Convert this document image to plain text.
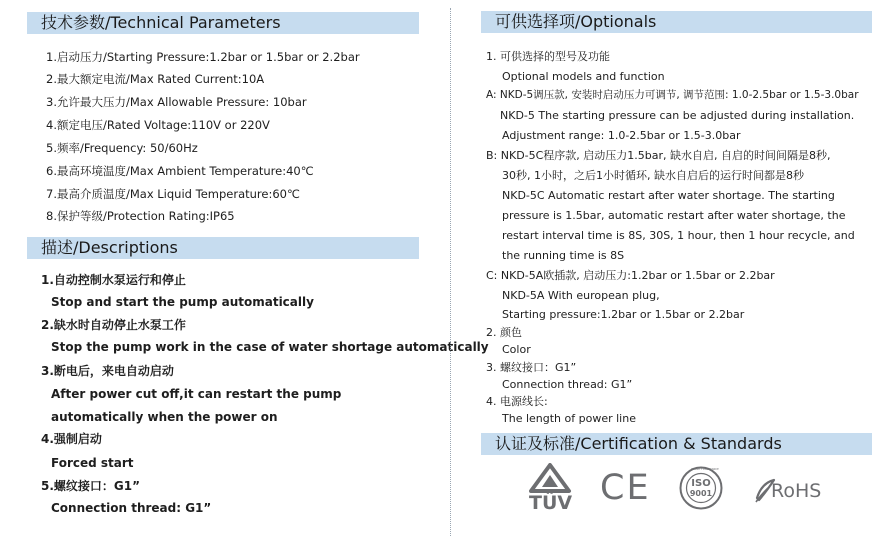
技术参数/Technical Parameters
1.启动压力/Starting Pressure:1.2bar or 1.5bar or 2.2bar
2.最大额定电流/Max Rated Current:10A
3.允许最大压力/Max Allowable Pressure: 10bar
4.额定电压/Rated Voltage:110V or 220V
5.频率/Frequency: 50/60Hz
6.最高环境温度/Max Ambient Temperature:40℃
7.最高介质温度/Max Liquid Temperature:60℃
8.保护等级/Protection Rating:IP65
描述/Descriptions
1.自动控制水泵运行和停止
Stop and start the pump automatically
2.缺水时自动停止水泵工作
Stop the pump work in the case of water shortage automatically
3.断电后，来电自动启动
After power cut off,it can restart the pump
automatically when the power on
4.强制启动
Forced start
5.螺纹接口：G1”
Connection thread: G1”
可供选择项/Optionals
1. 可供选择的型号及功能
Optional models and function
A: NKD-5调压款, 安装时启动压力可调节, 调节范围: 1.0-2.5bar or 1.5-3.0bar
NKD-5 The starting pressure can be adjusted during installation.
Adjustment range: 1.0-2.5bar or 1.5-3.0bar
B: NKD-5C程序款, 启动压力1.5bar, 缺水自启, 自启的时间间隔是8秒,
30秒, 1小时，之后1小时循环, 缺水自启后的运行时间都是8秒
NKD-5C Automatic restart after water shortage. The starting
pressure is 1.5bar, automatic restart after water shortage, the
restart interval time is 8S, 30S, 1 hour, then 1 hour recycle, and
the running time is 8S
C: NKD-5A欧插款, 启动压力:1.2bar or 1.5bar or 2.2bar
NKD-5A With european plug,
Starting pressure:1.2bar or 1.5bar or 2.2bar
2. 颜色
Color
3. 螺纹接口：G1”
Connection thread: G1”
4. 电源线长:
The length of power line
认证及标准/Certification & Standards
TÜV CE	QUALITY ASSURANCE
ISO
9001	RoHS
